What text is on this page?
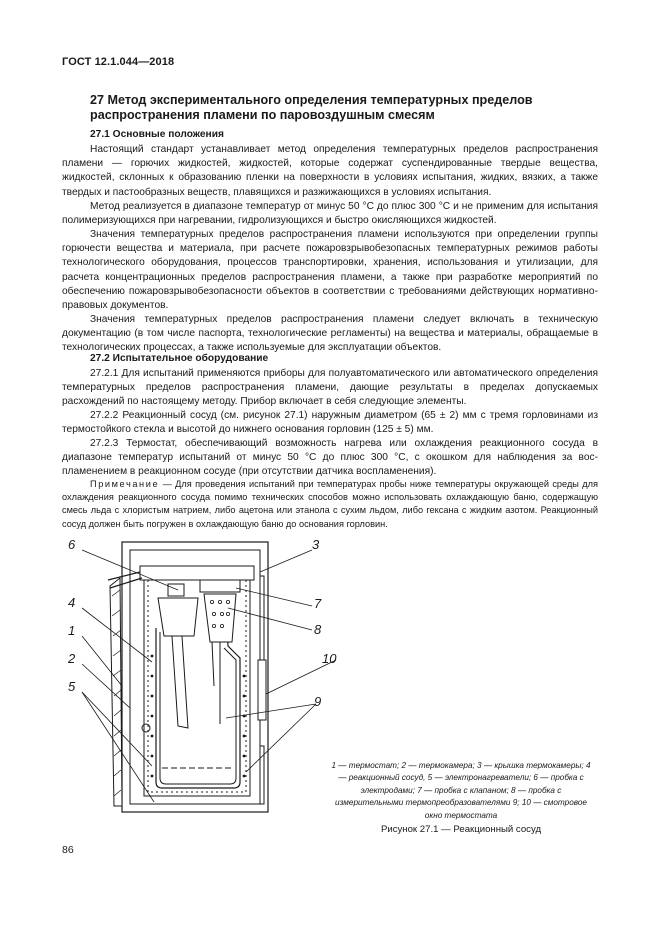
ГОСТ 12.1.044—2018
27 Метод экспериментального определения температурных пределов распространения пламени по паровоздушным смесям
27.1 Основные положения

Настоящий стандарт устанавливает метод определения температурных пределов распространения пламени — горючих жидкостей, жидкостей, которые содержат суспендированные твердые вещества, жидкостей, склонных к образованию пленки на поверхности в условиях испытания, жидких, вязких, а также твердых и пастообразных веществ, плавящихся и разжижающихся в условиях испытания.

Метод реализуется в диапазоне температур от минус 50 °С до плюс 300 °С и не применим для испытания полимеризующихся при нагревании, гидролизующихся и быстро окисляющихся жидкостей.

Значения температурных пределов распространения пламени используются при определении группы горючести вещества и материала, при расчете пожаровзрывобезопасных температурных режимов работы технологического оборудования, процессов транспортировки, хранения, использования и утилизации, для расчета концентрационных пределов распространения пламени, а также при разработке мероприятий по обеспечению пожаровзрывобезопасности объектов в соответствии с требованиями действующих нормативно-правовых документов.

Значения температурных пределов распространения пламени следует включать в техническую документацию (в том числе паспорта, технологические регламенты) на вещества и материалы, обращаемые в технологических процессах, а также используемые для эксплуатации объектов.

27.2 Испытательное оборудование

27.2.1 Для испытаний применяются приборы для полуавтоматического или автоматического определения температурных пределов распространения пламени, дающие результаты в пределах допускаемых расхождений по настоящему методу. Прибор включает в себя следующие элементы.

27.2.2 Реакционный сосуд (см. рисунок 27.1) наружным диаметром (65 ± 2) мм с тремя горловинами из термостойкого стекла и высотой до нижнего основания горловин (125 ± 5) мм.

27.2.3 Термостат, обеспечивающий возможность нагрева или охлаждения реакционного сосуда в диапазоне температур испытаний от минус 50 °С до плюс 300 °С, с окошком для наблюдения за воспламенением в реакционном сосуде (при отсутствии датчика воспламенения).

Примечание — Для проведения испытаний при температурах пробы ниже температуры окружающей среды для охлаждения реакционного сосуда помимо технических способов можно использовать охлаждающую баню, содержащую смесь льда с хлористым натрием, либо ацетона или этанола с сухим льдом, либо гексана с жидким азотом. Реакционный сосуд должен быть погружен в охлаждающую баню до основания горловин.

6
4
1
2
5
3
7
8
10
9
1 — термостат; 2 — термокамера; 3 — крышка термокамеры; 4 — реакционный сосуд, 5 — электронагреватели; 6 — пробка с электродами; 7 — пробка с клапаном; 8 — пробка с измерительными термопреобразователями 9; 10 — смотровое окно термостата
Рисунок 27.1 — Реакционный сосуд
86
